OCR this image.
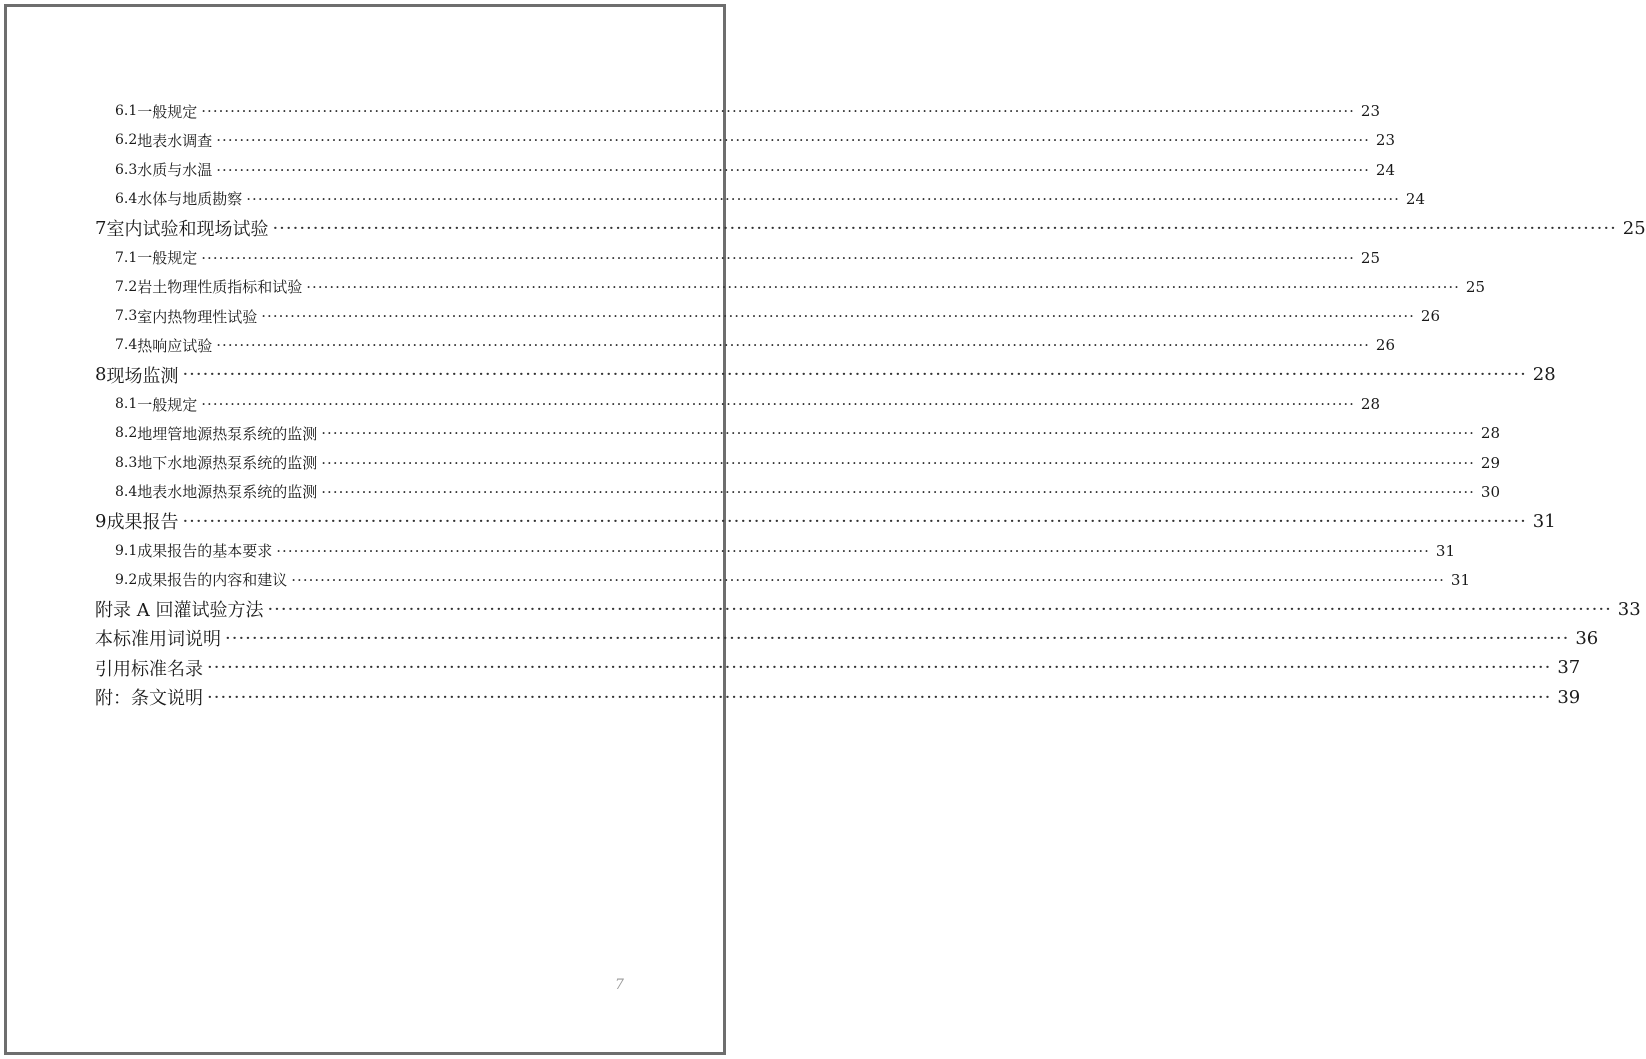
6.1 一般规定 ········································································································································································································ 23
6.2 地表水调查 ········································································································································································································ 23
6.3 水质与水温 ········································································································································································································ 24
6.4 水体与地质勘察 ········································································································································································································ 24
7 室内试验和现场试验 ········································································································································································································ 25
7.1 一般规定 ········································································································································································································ 25
7.2 岩土物理性质指标和试验 ········································································································································································································ 25
7.3 室内热物理性试验 ········································································································································································································ 26
7.4 热响应试验 ········································································································································································································ 26
8 现场监测 ········································································································································································································ 28
8.1 一般规定 ········································································································································································································ 28
8.2 地埋管地源热泵系统的监测 ········································································································································································································ 28
8.3 地下水地源热泵系统的监测 ········································································································································································································ 29
8.4 地表水地源热泵系统的监测 ········································································································································································································ 30
9 成果报告 ········································································································································································································ 31
9.1 成果报告的基本要求 ········································································································································································································ 31
9.2 成果报告的内容和建议 ········································································································································································································ 31
附录 A 回灌试验方法 ········································································································································································································ 33
本标准用词说明 ········································································································································································································ 36
引用标准名录 ········································································································································································································ 37
附：条文说明 ········································································································································································································ 39
7
